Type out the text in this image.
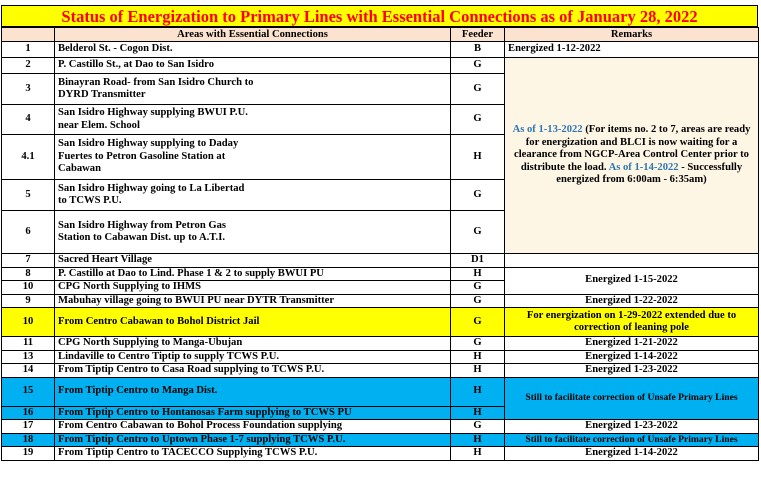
Status of Energization to Primary Lines with Essential Connections as of January 28, 2022
	Areas with Essential Connections	Feeder	Remarks
1	Belderol St. - Cogon Dist.	B	Energized 1-12-2022
2	P. Castillo St., at Dao to San Isidro	G	As of 1-13-2022 (For items no. 2 to 7, areas are ready for energization and BLCI is now waiting for a clearance from NGCP-Area Control Center prior to distribute the load. As of 1-14-2022 - Successfully energized from 6:00am - 6:35am)
3	Binayran Road- from San Isidro Church to DYRD Transmitter	G	
4	San Isidro Highway supplying BWUI P.U. near Elem. School	G	
4.1	San Isidro Highway supplying to Daday Fuertes to Petron Gasoline Station at Cabawan	H	
5	San Isidro Highway going to La Libertad to TCWS P.U.	G	
6	San Isidro Highway from Petron Gas Station to Cabawan Dist. up to A.T.I.	G	
7	Sacred Heart Village	D1	
8	P. Castillo at Dao to Lind. Phase 1 & 2 to supply BWUI PU	H	Energized 1-15-2022
10	CPG North Supplying to IHMS	G	
9	Mabuhay village going to BWUI PU near DYTR Transmitter	G	Energized 1-22-2022
10	From Centro Cabawan to Bohol District Jail	G	For energization on 1-29-2022 extended due to correction of leaning pole
11	CPG North Supplying to Manga-Ubujan	G	Energized 1-21-2022
13	Lindaville to Centro Tiptip to supply TCWS P.U.	H	Energized 1-14-2022
14	From Tiptip Centro to Casa Road supplying to TCWS P.U.	H	Energized 1-23-2022
15	From Tiptip Centro to Manga Dist.	H	Still to facilitate correction of Unsafe Primary Lines
16	From Tiptip Centro to Hontanosas Farm supplying to TCWS PU	H	
17	From Centro Cabawan to Bohol Process Foundation supplying	G	Energized 1-23-2022
18	From Tiptip Centro to Uptown Phase 1-7 supplying TCWS P.U.	H	Still to facilitate correction of Unsafe Primary Lines
19	From Tiptip Centro to TACECCO Supplying TCWS P.U.	H	Energized 1-14-2022
